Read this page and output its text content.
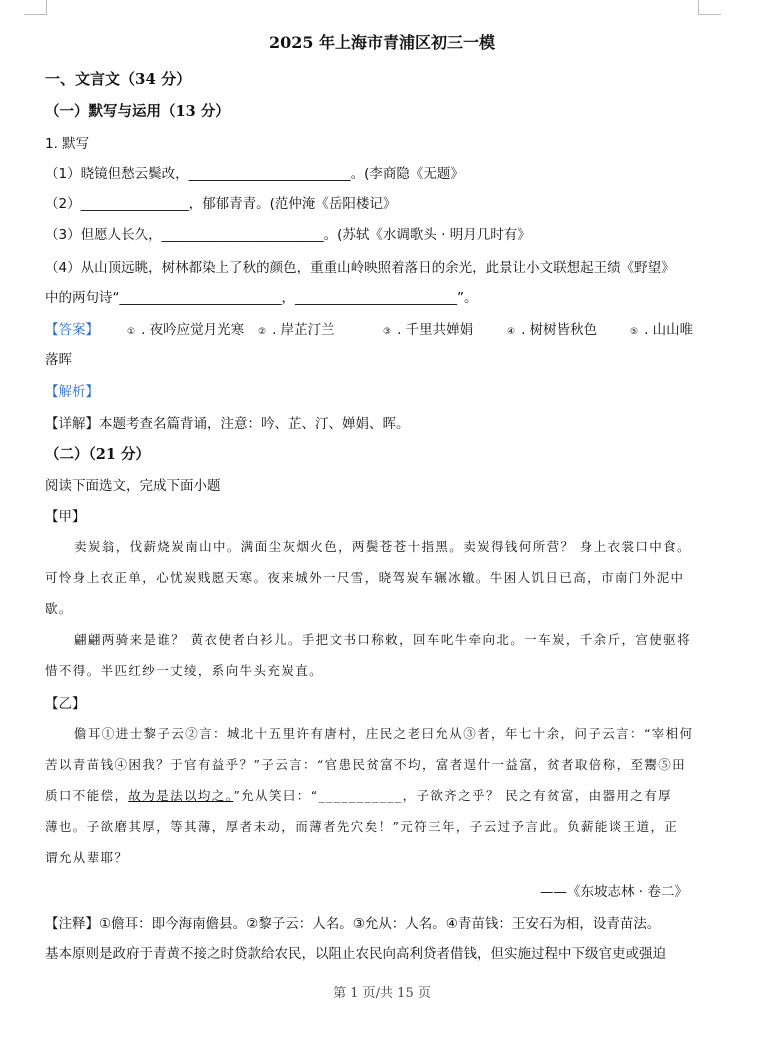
2025 年上海市青浦区初三一模
一、文言文（34 分）
（一）默写与运用（13 分）
1. 默写
（1）晓镜但愁云鬓改，________________________。(李商隐《无题》
（2）________________，郁郁青青。(范仲淹《岳阳楼记》
（3）但愿人长久，________________________。(苏轼《水调歌头 · 明月几时有》
（4）从山顶远眺，树林都染上了秋的颜色，重重山岭映照着落日的余光，此景让小文联想起王绩《野望》
中的两句诗“________________________，________________________”。
【答案】	① . 夜吟应觉月光寒 ② . 岸芷汀兰	③ . 千里共婵娟	④ . 树树皆秋色	⑤ . 山山唯
落晖
【解析】
【详解】本题考查名篇背诵，注意：吟、芷、汀、婵娟、晖。
（二）（21 分）
阅读下面选文，完成下面小题
【甲】
卖炭翁，伐薪烧炭南山中。满面尘灰烟火色，两鬓苍苍十指黑。卖炭得钱何所营？ 身上衣裳口中食。
可怜身上衣正单，心忧炭贱愿天寒。夜来城外一尺雪，晓驾炭车辗冰辙。牛困人饥日已高，市南门外泥中
歇。
翩翩两骑来是谁？ 黄衣使者白衫儿。手把文书口称敕，回车叱牛牵向北。一车炭，千余斤，宫使驱将
惜不得。半匹红纱一丈绫，系向牛头充炭直。
【乙】
儋耳①进士黎子云②言：城北十五里许有唐村，庄民之老曰允从③者，年七十余，问子云言：“宰相何
苦以青苗钱④困我？于官有益乎？”子云言：“官患民贫富不均，富者逞什一益富，贫者取倍称，至鬻⑤田
质口不能偿，故为是法以均之。”允从笑曰：“___________，子欲齐之乎？ 民之有贫富，由器用之有厚
薄也。子欲磨其厚，等其薄，厚者未动，而薄者先穴矣！”元符三年，子云过予言此。负薪能谈王道，正
谓允从辈耶？
——《东坡志林 · 卷二》
【注释】①儋耳：即今海南儋县。②黎子云：人名。③允从：人名。④青苗钱：王安石为相，设青苗法。
基本原则是政府于青黄不接之时贷款给农民，以阻止农民向高利贷者借钱，但实施过程中下级官吏或强迫
第 1 页/共 15 页
